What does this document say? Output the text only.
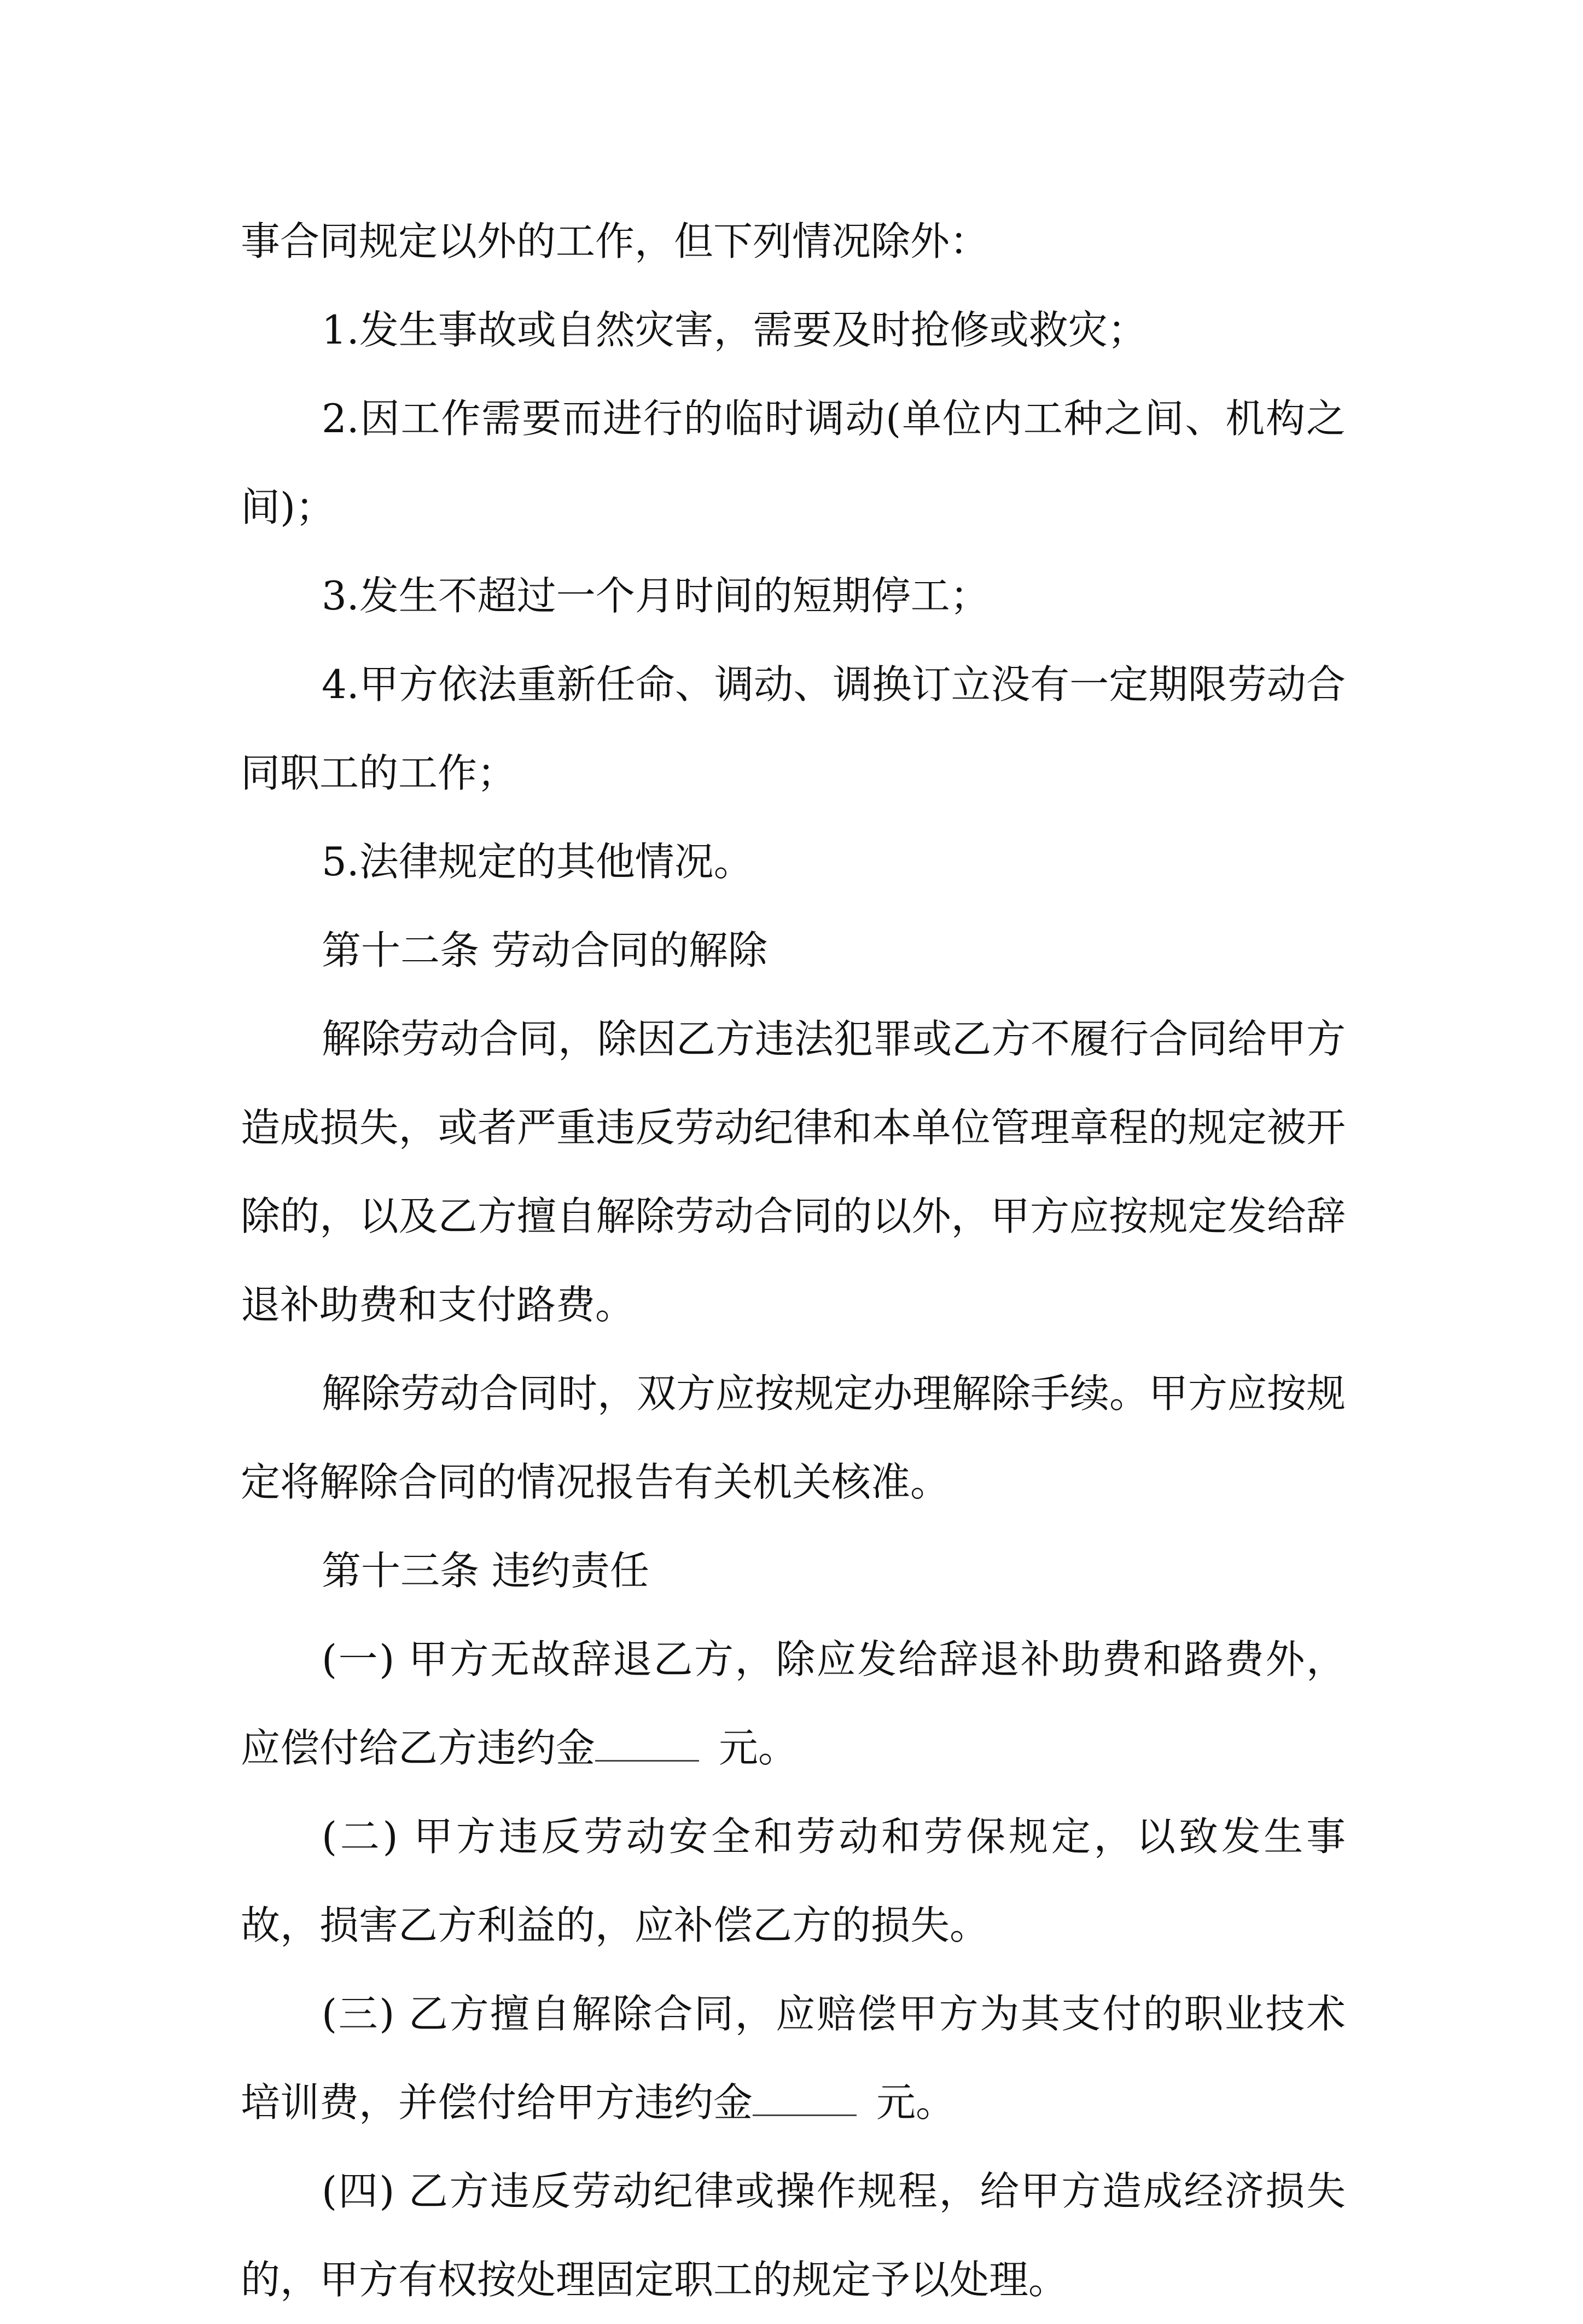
事合同规定以外的工作，但下列情况除外：

1.发生事故或自然灾害，需要及时抢修或救灾；

2.因工作需要而进行的临时调动(单位内工种之间、机构之间)；

3.发生不超过一个月时间的短期停工；

4.甲方依法重新任命、调动、调换订立没有一定期限劳动合同职工的工作；

5.法律规定的其他情况。

第十二条 劳动合同的解除

解除劳动合同，除因乙方违法犯罪或乙方不履行合同给甲方造成损失，或者严重违反劳动纪律和本单位管理章程的规定被开除的，以及乙方擅自解除劳动合同的以外，甲方应按规定发给辞退补助费和支付路费。

解除劳动合同时，双方应按规定办理解除手续。甲方应按规定将解除合同的情况报告有关机关核准。

第十三条 违约责任

(一) 甲方无故辞退乙方，除应发给辞退补助费和路费外，应偿付给乙方违约金	元。

(二) 甲方违反劳动安全和劳动和劳保规定，以致发生事故，损害乙方利益的，应补偿乙方的损失。

(三) 乙方擅自解除合同，应赔偿甲方为其支付的职业技术培训费，并偿付给甲方违约金	元。

(四) 乙方违反劳动纪律或操作规程，给甲方造成经济损失的，甲方有权按处理固定职工的规定予以处理。
